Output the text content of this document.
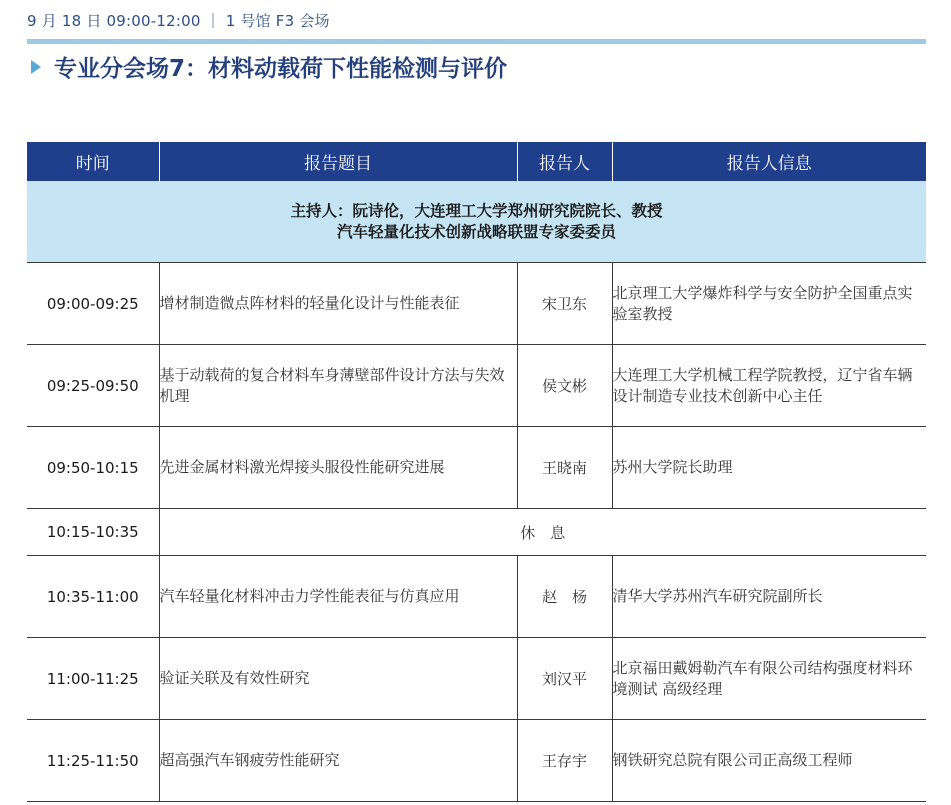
9 月 18 日 09:00-12:00 ｜ 1 号馆 F3 会场
专业分会场7：材料动载荷下性能检测与评价
时间	报告题目	报告人	报告人信息

主持人：阮诗伦，大连理工大学郑州研究院院长、教授
汽车轻量化技术创新战略联盟专家委委员			

09:00-09:25	增材制造微点阵材料的轻量化设计与性能表征	宋卫东	北京理工大学爆炸科学与安全防护全国重点实验室教授
09:25-09:50	基于动载荷的复合材料车身薄壁部件设计方法与失效机理	侯文彬	大连理工大学机械工程学院教授，辽宁省车辆设计制造专业技术创新中心主任
09:50-10:15	先进金属材料激光焊接头服役性能研究进展	王晓南	苏州大学院长助理
10:15-10:35	休　息		
10:35-11:00	汽车轻量化材料冲击力学性能表征与仿真应用	赵　杨	清华大学苏州汽车研究院副所长
11:00-11:25	验证关联及有效性研究	刘汉平	北京福田戴姆勒汽车有限公司结构强度材料环境测试 高级经理
11:25-11:50	超高强汽车钢疲劳性能研究	王存宇	钢铁研究总院有限公司正高级工程师
